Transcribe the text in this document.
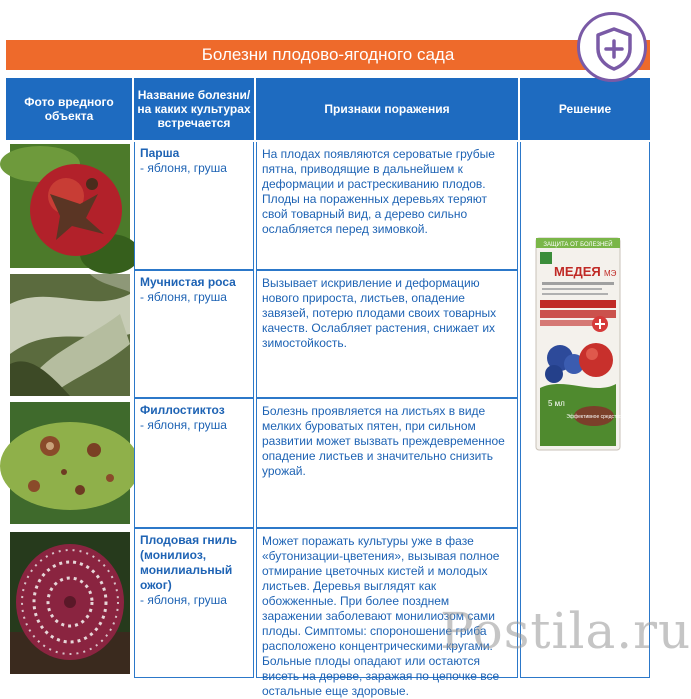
Болезни плодово-ягодного сада
Фото вредного объекта
Название болезни/ на каких культурах встречается
Признаки поражения	Решение
Парша
- яблоня, груша
На плодах появляются сероватые грубые пятна, приводящие в дальнейшем к деформации и растрескиванию плодов. Плоды на пораженных деревьях теряют свой товарный вид, а дерево сильно ослабляется перед зимовкой.
Мучнистая роса
- яблоня, груша
Вызывает искривление и деформацию нового прироста, листьев, опадение завязей, потерю плодами своих товарных качеств. Ослабляет растения, снижает их зимостойкость.
Филлостиктоз
- яблоня, груша
Болезнь проявляется на листьях в виде мелких буроватых пятен, при сильном развитии может вызвать преждевременное опадение листьев и значительно снизить урожай.
Плодовая гниль (монилиоз, монилиальный ожог)
- яблоня, груша
Может поражать культуры уже в фазе «бутонизации-цветения», вызывая полное отмирание цветочных кистей и молодых листьев. Деревья выглядят как обожженные. При более позднем заражении заболевают монилиозом сами плоды. Симптомы: спороношение гриба расположено концентрическими кругами. Больные плоды опадают или остаются висеть на дереве, заражая по цепочке все остальные еще здоровые.
ЗАЩИТА ОТ БОЛЕЗНЕЙ
МЕДЕЯ МЭ
5 мл
Эффективное средство
Postila.ru
